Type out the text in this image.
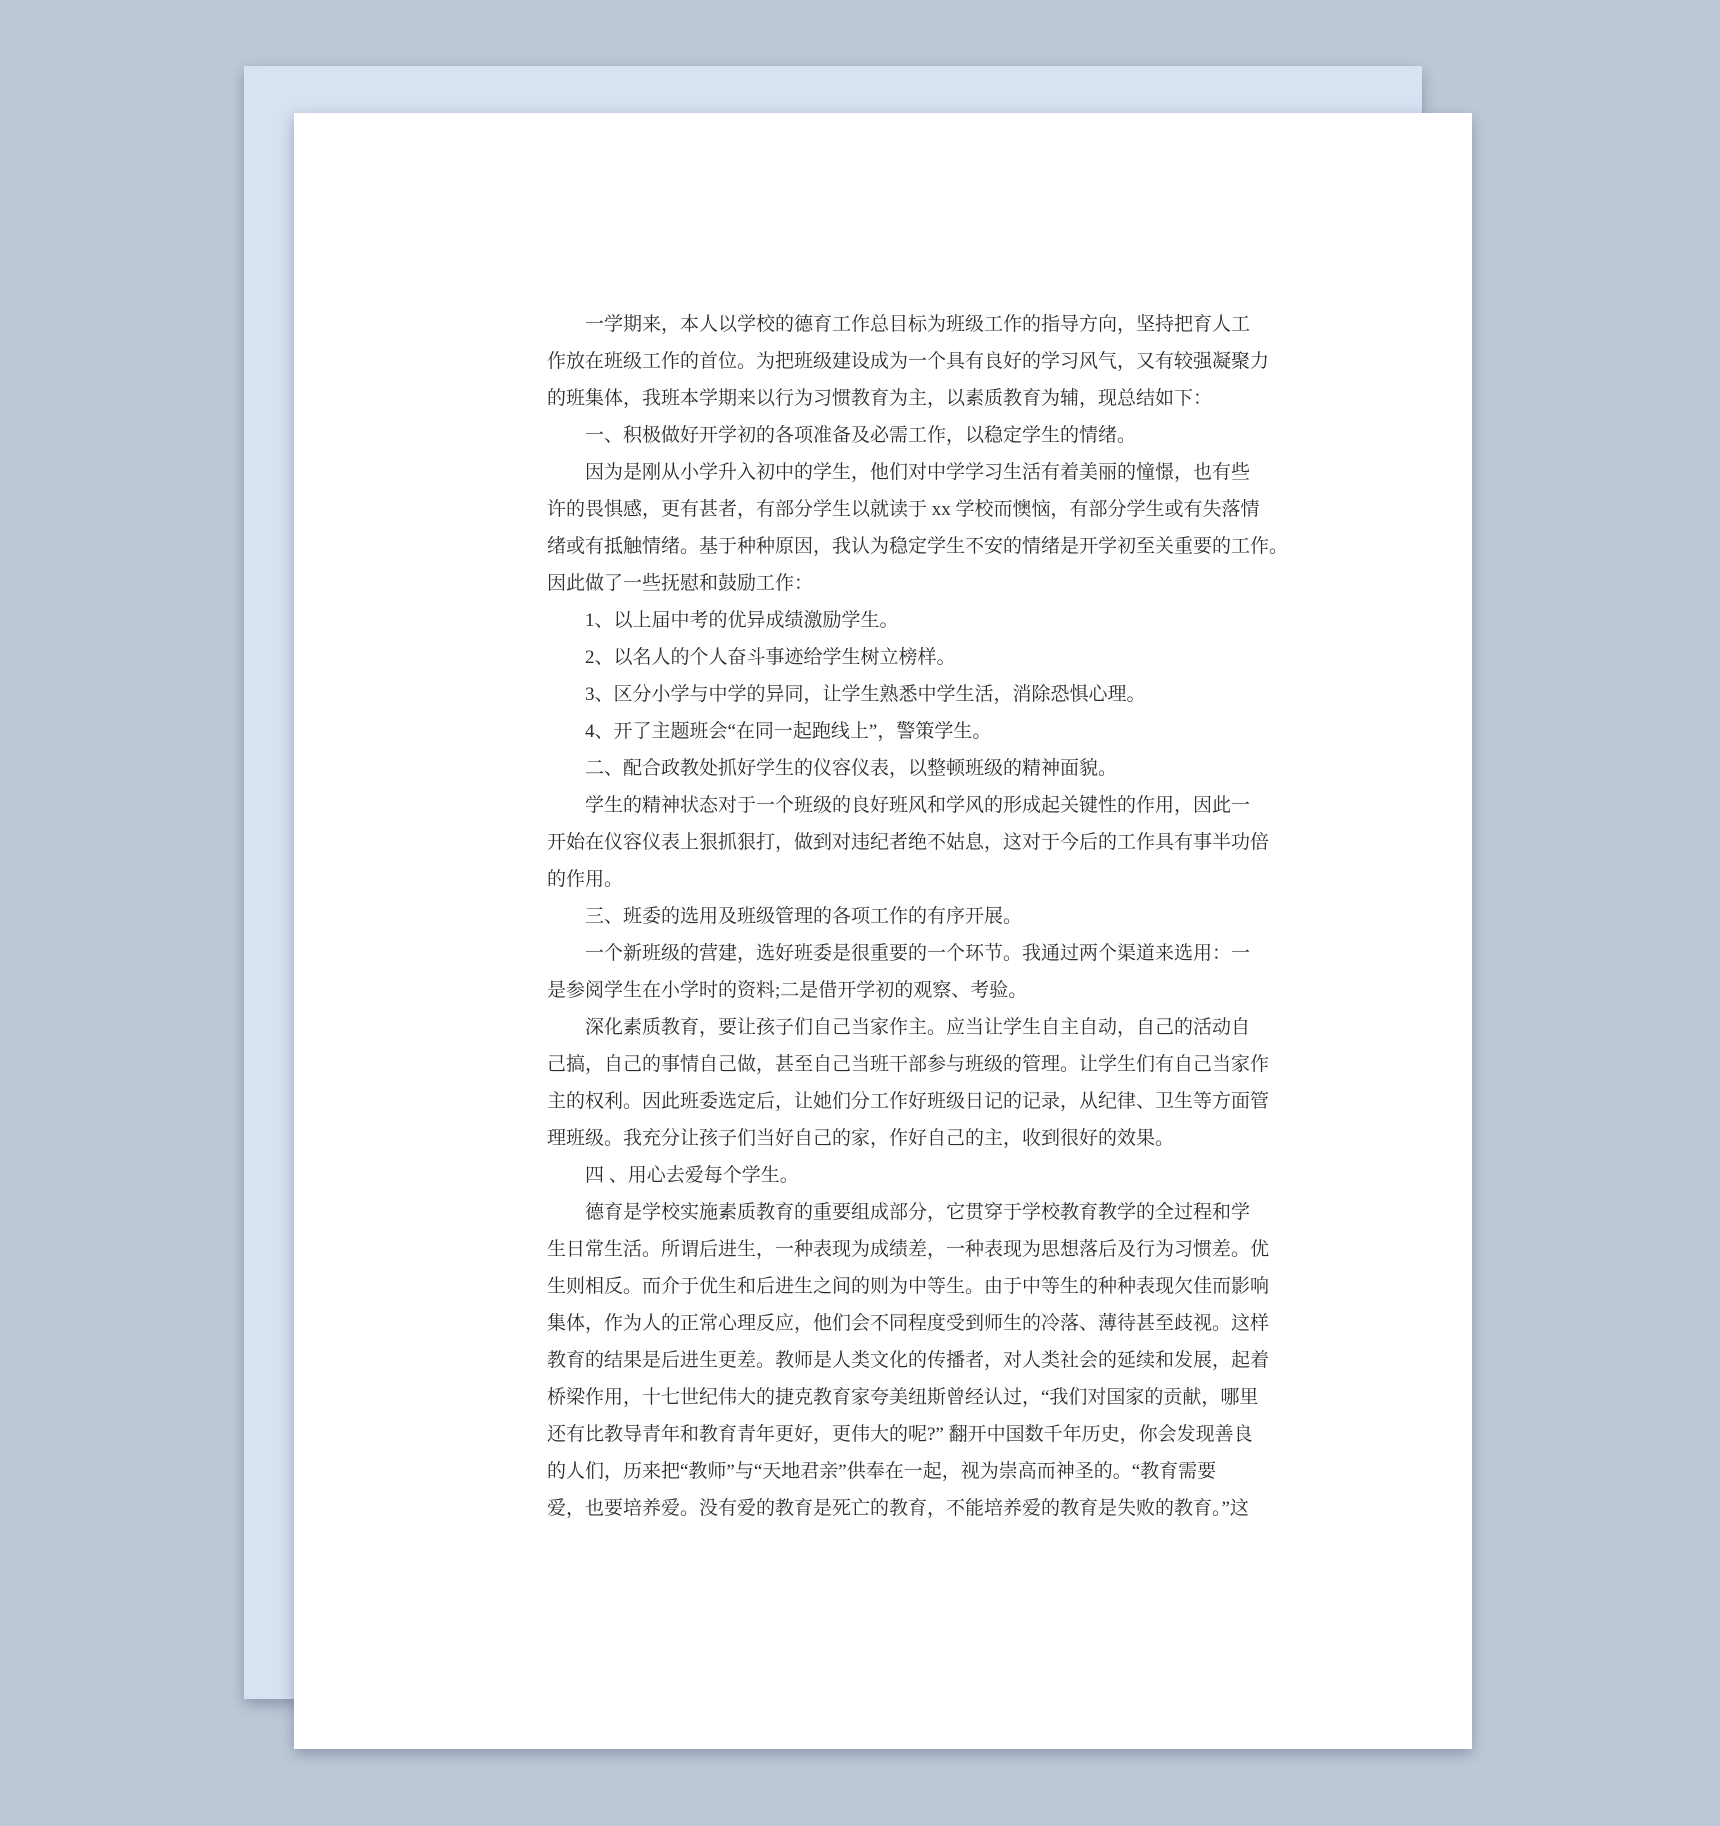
一学期来，本人以学校的德育工作总目标为班级工作的指导方向，坚持把育人工
作放在班级工作的首位。为把班级建设成为一个具有良好的学习风气，又有较强凝聚力
的班集体，我班本学期来以行为习惯教育为主，以素质教育为辅，现总结如下：
一、积极做好开学初的各项准备及必需工作，以稳定学生的情绪。
因为是刚从小学升入初中的学生，他们对中学学习生活有着美丽的憧憬，也有些
许的畏惧感，更有甚者，有部分学生以就读于 xx 学校而懊恼，有部分学生或有失落情
绪或有抵触情绪。基于种种原因，我认为稳定学生不安的情绪是开学初至关重要的工作。
因此做了一些抚慰和鼓励工作：
1、以上届中考的优异成绩激励学生。
2、以名人的个人奋斗事迹给学生树立榜样。
3、区分小学与中学的异同，让学生熟悉中学生活，消除恐惧心理。
4、开了主题班会“在同一起跑线上”，警策学生。
二、配合政教处抓好学生的仪容仪表，以整顿班级的精神面貌。
学生的精神状态对于一个班级的良好班风和学风的形成起关键性的作用，因此一
开始在仪容仪表上狠抓狠打，做到对违纪者绝不姑息，这对于今后的工作具有事半功倍
的作用。
三、班委的选用及班级管理的各项工作的有序开展。
一个新班级的营建，选好班委是很重要的一个环节。我通过两个渠道来选用：一
是参阅学生在小学时的资料;二是借开学初的观察、考验。
深化素质教育，要让孩子们自己当家作主。应当让学生自主自动，自己的活动自
己搞，自己的事情自己做，甚至自己当班干部参与班级的管理。让学生们有自己当家作
主的权利。因此班委选定后，让她们分工作好班级日记的记录，从纪律、卫生等方面管
理班级。我充分让孩子们当好自己的家，作好自己的主，收到很好的效果。
四 、用心去爱每个学生。
德育是学校实施素质教育的重要组成部分，它贯穿于学校教育教学的全过程和学
生日常生活。所谓后进生，一种表现为成绩差，一种表现为思想落后及行为习惯差。优
生则相反。而介于优生和后进生之间的则为中等生。由于中等生的种种表现欠佳而影响
集体，作为人的正常心理反应，他们会不同程度受到师生的冷落、薄待甚至歧视。这样
教育的结果是后进生更差。教师是人类文化的传播者，对人类社会的延续和发展，起着
桥梁作用，十七世纪伟大的捷克教育家夸美纽斯曾经认过，“我们对国家的贡献，哪里
还有比教导青年和教育青年更好，更伟大的呢?” 翻开中国数千年历史，你会发现善良
的人们，历来把“教师”与“天地君亲”供奉在一起，视为崇高而神圣的。“教育需要
爱，也要培养爱。没有爱的教育是死亡的教育，不能培养爱的教育是失败的教育。”这
